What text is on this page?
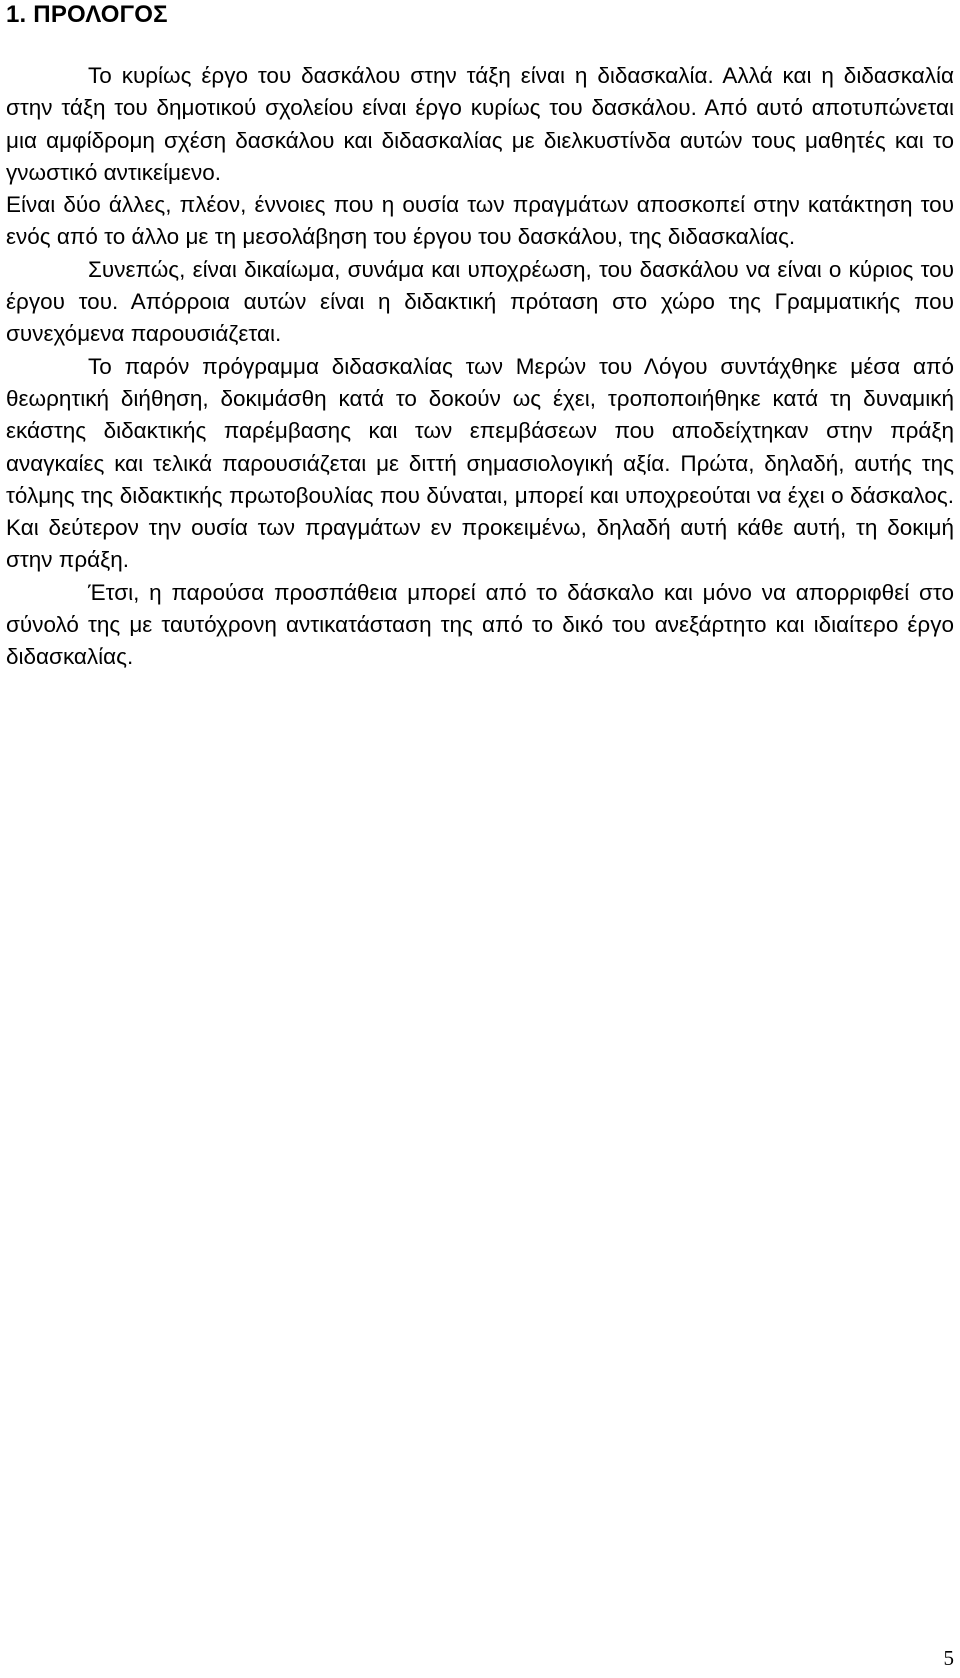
1. ΠΡΟΛΟΓΟΣ

Το κυρίως έργο του δασκάλου στην τάξη είναι η διδασκαλία. Αλλά και η διδασκαλία στην τάξη του δημοτικού σχολείου είναι έργο κυρίως του δασκάλου. Από αυτό αποτυπώνεται μια αμφίδρομη σχέση δασκάλου και διδασκαλίας με διελκυστίνδα αυτών τους μαθητές και το γνωστικό αντικείμενο.

Είναι δύο άλλες, πλέον, έννοιες που η ουσία των πραγμάτων αποσκοπεί στην κατάκτηση του ενός από το άλλο με τη μεσολάβηση του έργου του δασκάλου, της διδασκαλίας.

Συνεπώς, είναι δικαίωμα, συνάμα και υποχρέωση, του δασκάλου να είναι ο κύριος του έργου του. Απόρροια αυτών είναι η διδακτική πρόταση στο χώρο της Γραμματικής που συνεχόμενα παρουσιάζεται.

Το παρόν πρόγραμμα διδασκαλίας των Μερών του Λόγου συντάχθηκε μέσα από θεωρητική διήθηση, δοκιμάσθη κατά το δοκούν ως έχει, τροποποιήθηκε κατά τη δυναμική εκάστης διδακτικής παρέμβασης και των επεμβάσεων που αποδείχτηκαν στην πράξη αναγκαίες και τελικά παρουσιάζεται με διττή σημασιολογική αξία. Πρώτα, δηλαδή, αυτής της τόλμης της διδακτικής πρωτοβουλίας που δύναται, μπορεί και υποχρεούται να έχει ο δάσκαλος. Και δεύτερον την ουσία των πραγμάτων εν προκειμένω, δηλαδή αυτή κάθε αυτή, τη δοκιμή στην πράξη.

Έτσι, η παρούσα προσπάθεια μπορεί από το δάσκαλο και μόνο να απορριφθεί στο σύνολό της με ταυτόχρονη αντικατάσταση της από το δικό του ανεξάρτητο και ιδιαίτερο έργο διδασκαλίας.

5
